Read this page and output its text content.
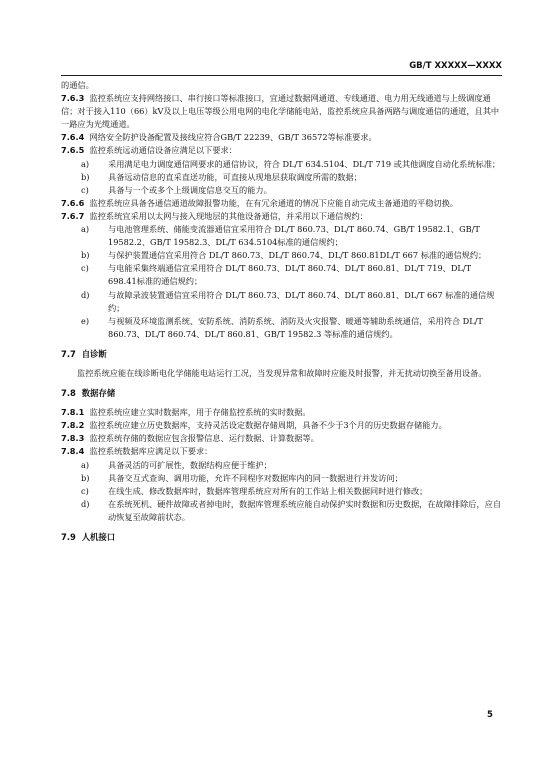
GB/T XXXXX—XXXX

的通信。

7.6.3 监控系统应支持网络接口、串行接口等标准接口，宜通过数据网通道、专线通道、电力用无线通道与上级调度通信；对于接入110（66）kV及以上电压等级公用电网的电化学储能电站，监控系统应具备两路与调度通信的通道，且其中一路应为光缆通道。

7.6.4 网络安全防护设备配置及接线应符合GB/T 22239、GB/T 36572等标准要求。

7.6.5 监控系统远动通信设备应满足以下要求：

a)	采用满足电力调度通信网要求的通信协议，符合 DL/T 634.5104、DL/T 719 或其他调度自动化系统标准；
b)	具备远动信息的直采直送功能，可直接从现地层获取调度所需的数据；
c)	具备与一个或多个上级调度信息交互的能力。

7.6.6 监控系统应具备各通信通道故障报警功能，在有冗余通道的情况下应能自动完成主备通道的平稳切换。

7.6.7 监控系统宜采用以太网与接入现地层的其他设备通信，并采用以下通信规约：

a)	与电池管理系统、储能变流器通信宜采用符合 DL/T 860.73、DL/T 860.74、GB/T 19582.1、GB/T 19582.2、GB/T 19582.3、DL/T 634.5104标准的通信规约；
b)	与保护装置通信宜采用符合 DL/T 860.73、DL/T 860.74、DL/T 860.81DL/T 667 标准的通信规约；
c)	与电能采集终端通信宜采用符合 DL/T 860.73、DL/T 860.74、DL/T 860.81、DL/T 719、DL/T 698.41标准的通信规约；
d)	与故障录波装置通信宜采用符合 DL/T 860.73、DL/T 860.74、DL/T 860.81、DL/T 667 标准的通信规约；
e)	与视频及环境监测系统、安防系统、消防系统、消防及火灾报警、暖通等辅助系统通信，采用符合 DL/T 860.73、DL/T 860.74、DL/T 860.81、GB/T 19582.3 等标准的通信规约。
7.7 自诊断

监控系统应能在线诊断电化学储能电站运行工况，当发现异常和故障时应能及时报警，并无扰动切换至备用设备。

7.8 数据存储

7.8.1 监控系统应建立实时数据库，用于存储监控系统的实时数据。

7.8.2 监控系统应建立历史数据库，支持灵活设定数据存储周期，具备不少于3个月的历史数据存储能力。

7.8.3 监控系统存储的数据应包含报警信息、运行数据、计算数据等。

7.8.4 监控系统数据库应满足以下要求：

a)	具备灵活的可扩展性，数据结构应便于维护；
b)	具备交互式查询、调用功能，允许不同程序对数据库内的同一数据进行并发访问；
c)	在线生成、修改数据库时，数据库管理系统应对所有的工作站上相关数据同时进行修改；
d)	在系统死机、硬件故障或者掉电时，数据库管理系统应能自动保护实时数据和历史数据，在故障排除后，应自动恢复至故障前状态。
7.9 人机接口
5
